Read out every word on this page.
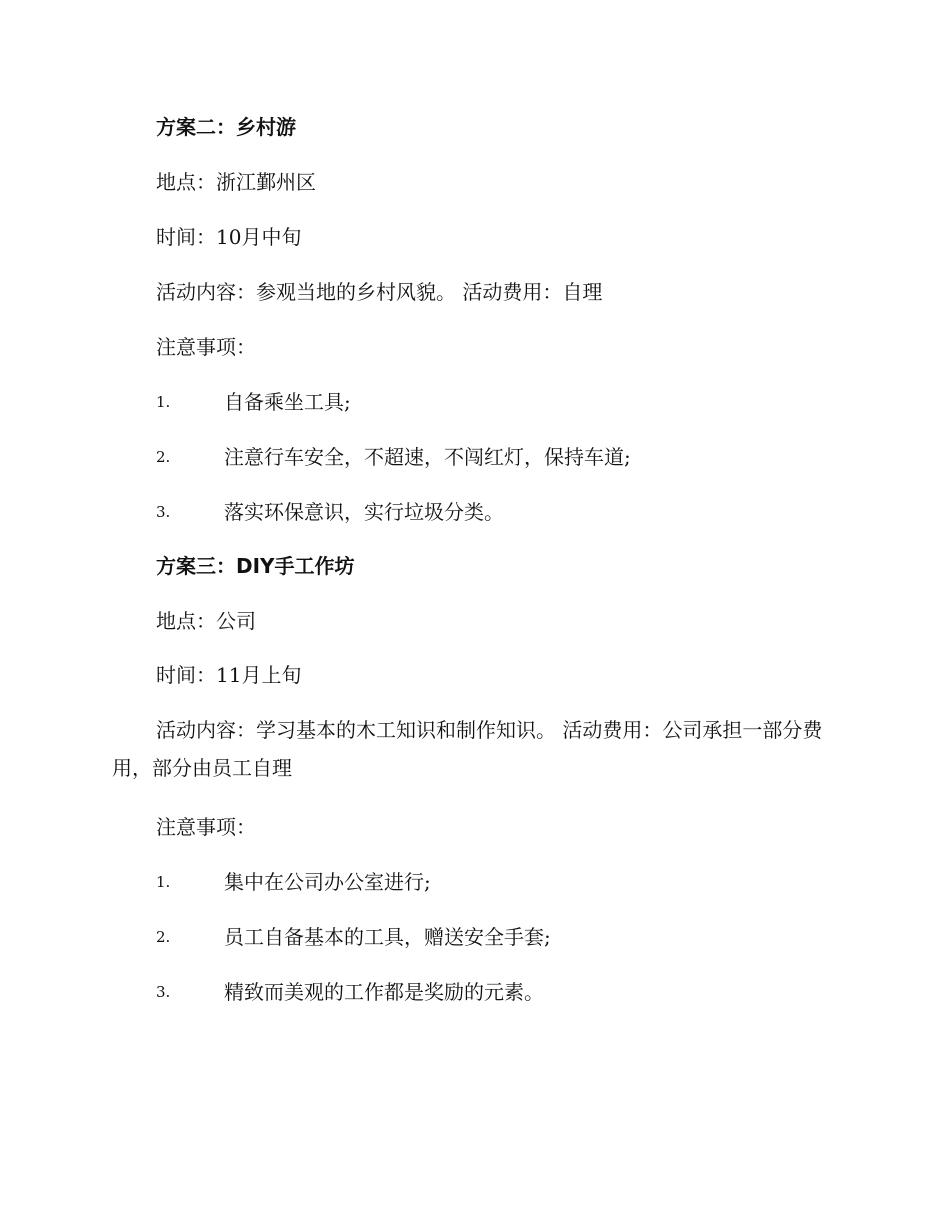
方案二：乡村游
地点：浙江鄞州区
时间：10月中旬
活动内容：参观当地的乡村风貌。 活动费用：自理
注意事项：
1.	自备乘坐工具;
2.	注意行车安全，不超速，不闯红灯，保持车道;
3.	落实环保意识，实行垃圾分类。
方案三：DIY手工作坊
地点：公司
时间：11月上旬
活动内容：学习基本的木工知识和制作知识。 活动费用：公司承担一部分费用，部分由员工自理
注意事项：
1.	集中在公司办公室进行;
2.	员工自备基本的工具，赠送安全手套;
3.	精致而美观的工作都是奖励的元素。
